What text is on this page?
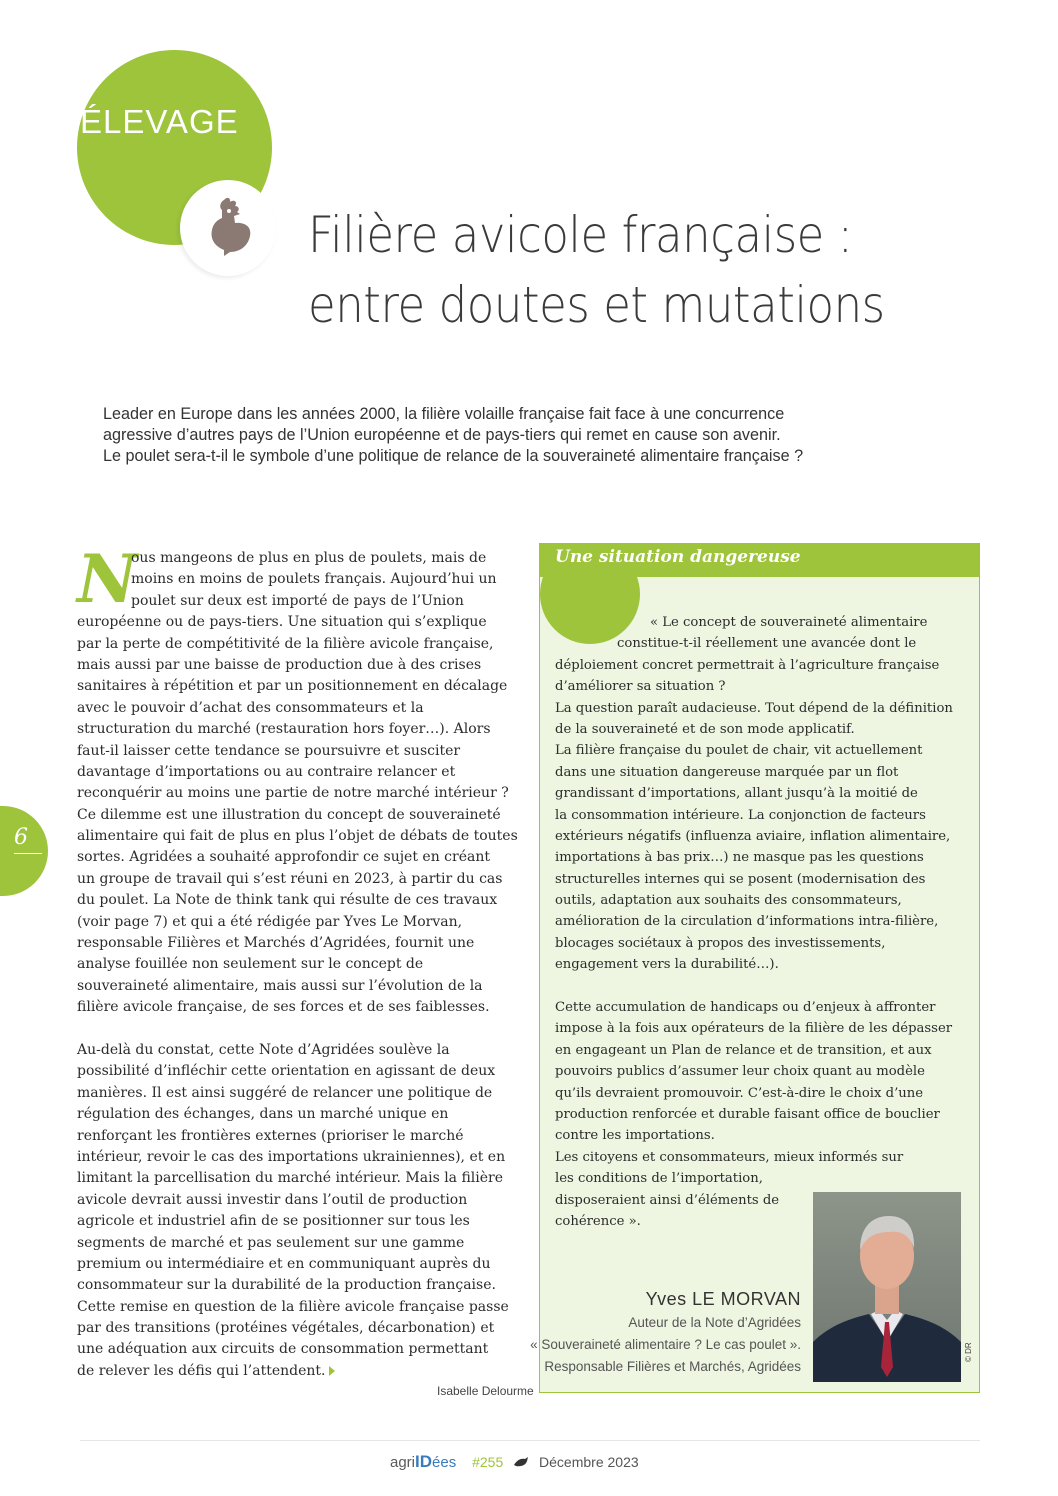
ÉLEVAGE
Filière avicole française :
entre doutes et mutations
Leader en Europe dans les années 2000, la filière volaille française fait face à une concurrence
agressive d’autres pays de l’Union européenne et de pays-tiers qui remet en cause son avenir.
Le poulet sera-t-il le symbole d’une politique de relance de la souveraineté alimentaire française ?
N
ous mangeons de plus en plus de poulets, mais de
moins en moins de poulets français. Aujourd’hui un
poulet sur deux est importé de pays de l’Union
européenne ou de pays-tiers. Une situation qui s’explique
par la perte de compétitivité de la filière avicole française,
mais aussi par une baisse de production due à des crises
sanitaires à répétition et par un positionnement en décalage
avec le pouvoir d’achat des consommateurs et la
structuration du marché (restauration hors foyer…). Alors
faut-il laisser cette tendance se poursuivre et susciter
davantage d’importations ou au contraire relancer et
reconquérir au moins une partie de notre marché intérieur ?
Ce dilemme est une illustration du concept de souveraineté
alimentaire qui fait de plus en plus l’objet de débats de toutes
sortes. Agridées a souhaité approfondir ce sujet en créant
un groupe de travail qui s’est réuni en 2023, à partir du cas
du poulet. La Note de think tank qui résulte de ces travaux
(voir page 7) et qui a été rédigée par Yves Le Morvan,
responsable Filières et Marchés d’Agridées, fournit une
analyse fouillée non seulement sur le concept de
souveraineté alimentaire, mais aussi sur l’évolution de la
filière avicole française, de ses forces et de ses faiblesses.
Au-delà du constat, cette Note d’Agridées soulève la
possibilité d’infléchir cette orientation en agissant de deux
manières. Il est ainsi suggéré de relancer une politique de
régulation des échanges, dans un marché unique en
renforçant les frontières externes (prioriser le marché
intérieur, revoir le cas des importations ukrainiennes), et en
limitant la parcellisation du marché intérieur. Mais la filière
avicole devrait aussi investir dans l’outil de production
agricole et industriel afin de se positionner sur tous les
segments de marché et pas seulement sur une gamme
premium ou intermédiaire et en communiquant auprès du
consommateur sur la durabilité de la production française.
Cette remise en question de la filière avicole française passe
par des transitions (protéines végétales, décarbonation) et
une adéquation aux circuits de consommation permettant
de relever les défis qui l’attendent.
Isabelle Delourme
6
Une situation dangereuse
« Le concept de souveraineté alimentaire
constitue-t-il réellement une avancée dont le
déploiement concret permettrait à l’agriculture française
d’améliorer sa situation ?
La question paraît audacieuse. Tout dépend de la définition
de la souveraineté et de son mode applicatif.
La filière française du poulet de chair, vit actuellement
dans une situation dangereuse marquée par un flot
grandissant d’importations, allant jusqu’à la moitié de
la consommation intérieure. La conjonction de facteurs
extérieurs négatifs (influenza aviaire, inflation alimentaire,
importations à bas prix…) ne masque pas les questions
structurelles internes qui se posent (modernisation des
outils, adaptation aux souhaits des consommateurs,
amélioration de la circulation d’informations intra-filière,
blocages sociétaux à propos des investissements,
engagement vers la durabilité…).
Cette accumulation de handicaps ou d’enjeux à affronter
impose à la fois aux opérateurs de la filière de les dépasser
en engageant un Plan de relance et de transition, et aux
pouvoirs publics d’assumer leur choix quant au modèle
qu’ils devraient promouvoir. C’est-à-dire le choix d’une
production renforcée et durable faisant office de bouclier
contre les importations.
Les citoyens et consommateurs, mieux informés sur
les conditions de l’importation,
disposeraient ainsi d’éléments de
cohérence ».
Yves LE MORVAN
Auteur de la Note d’Agridées
« Souveraineté alimentaire ? Le cas poulet ».
Responsable Filières et Marchés, Agridées
© DR
agriIDées #255	Décembre 2023
